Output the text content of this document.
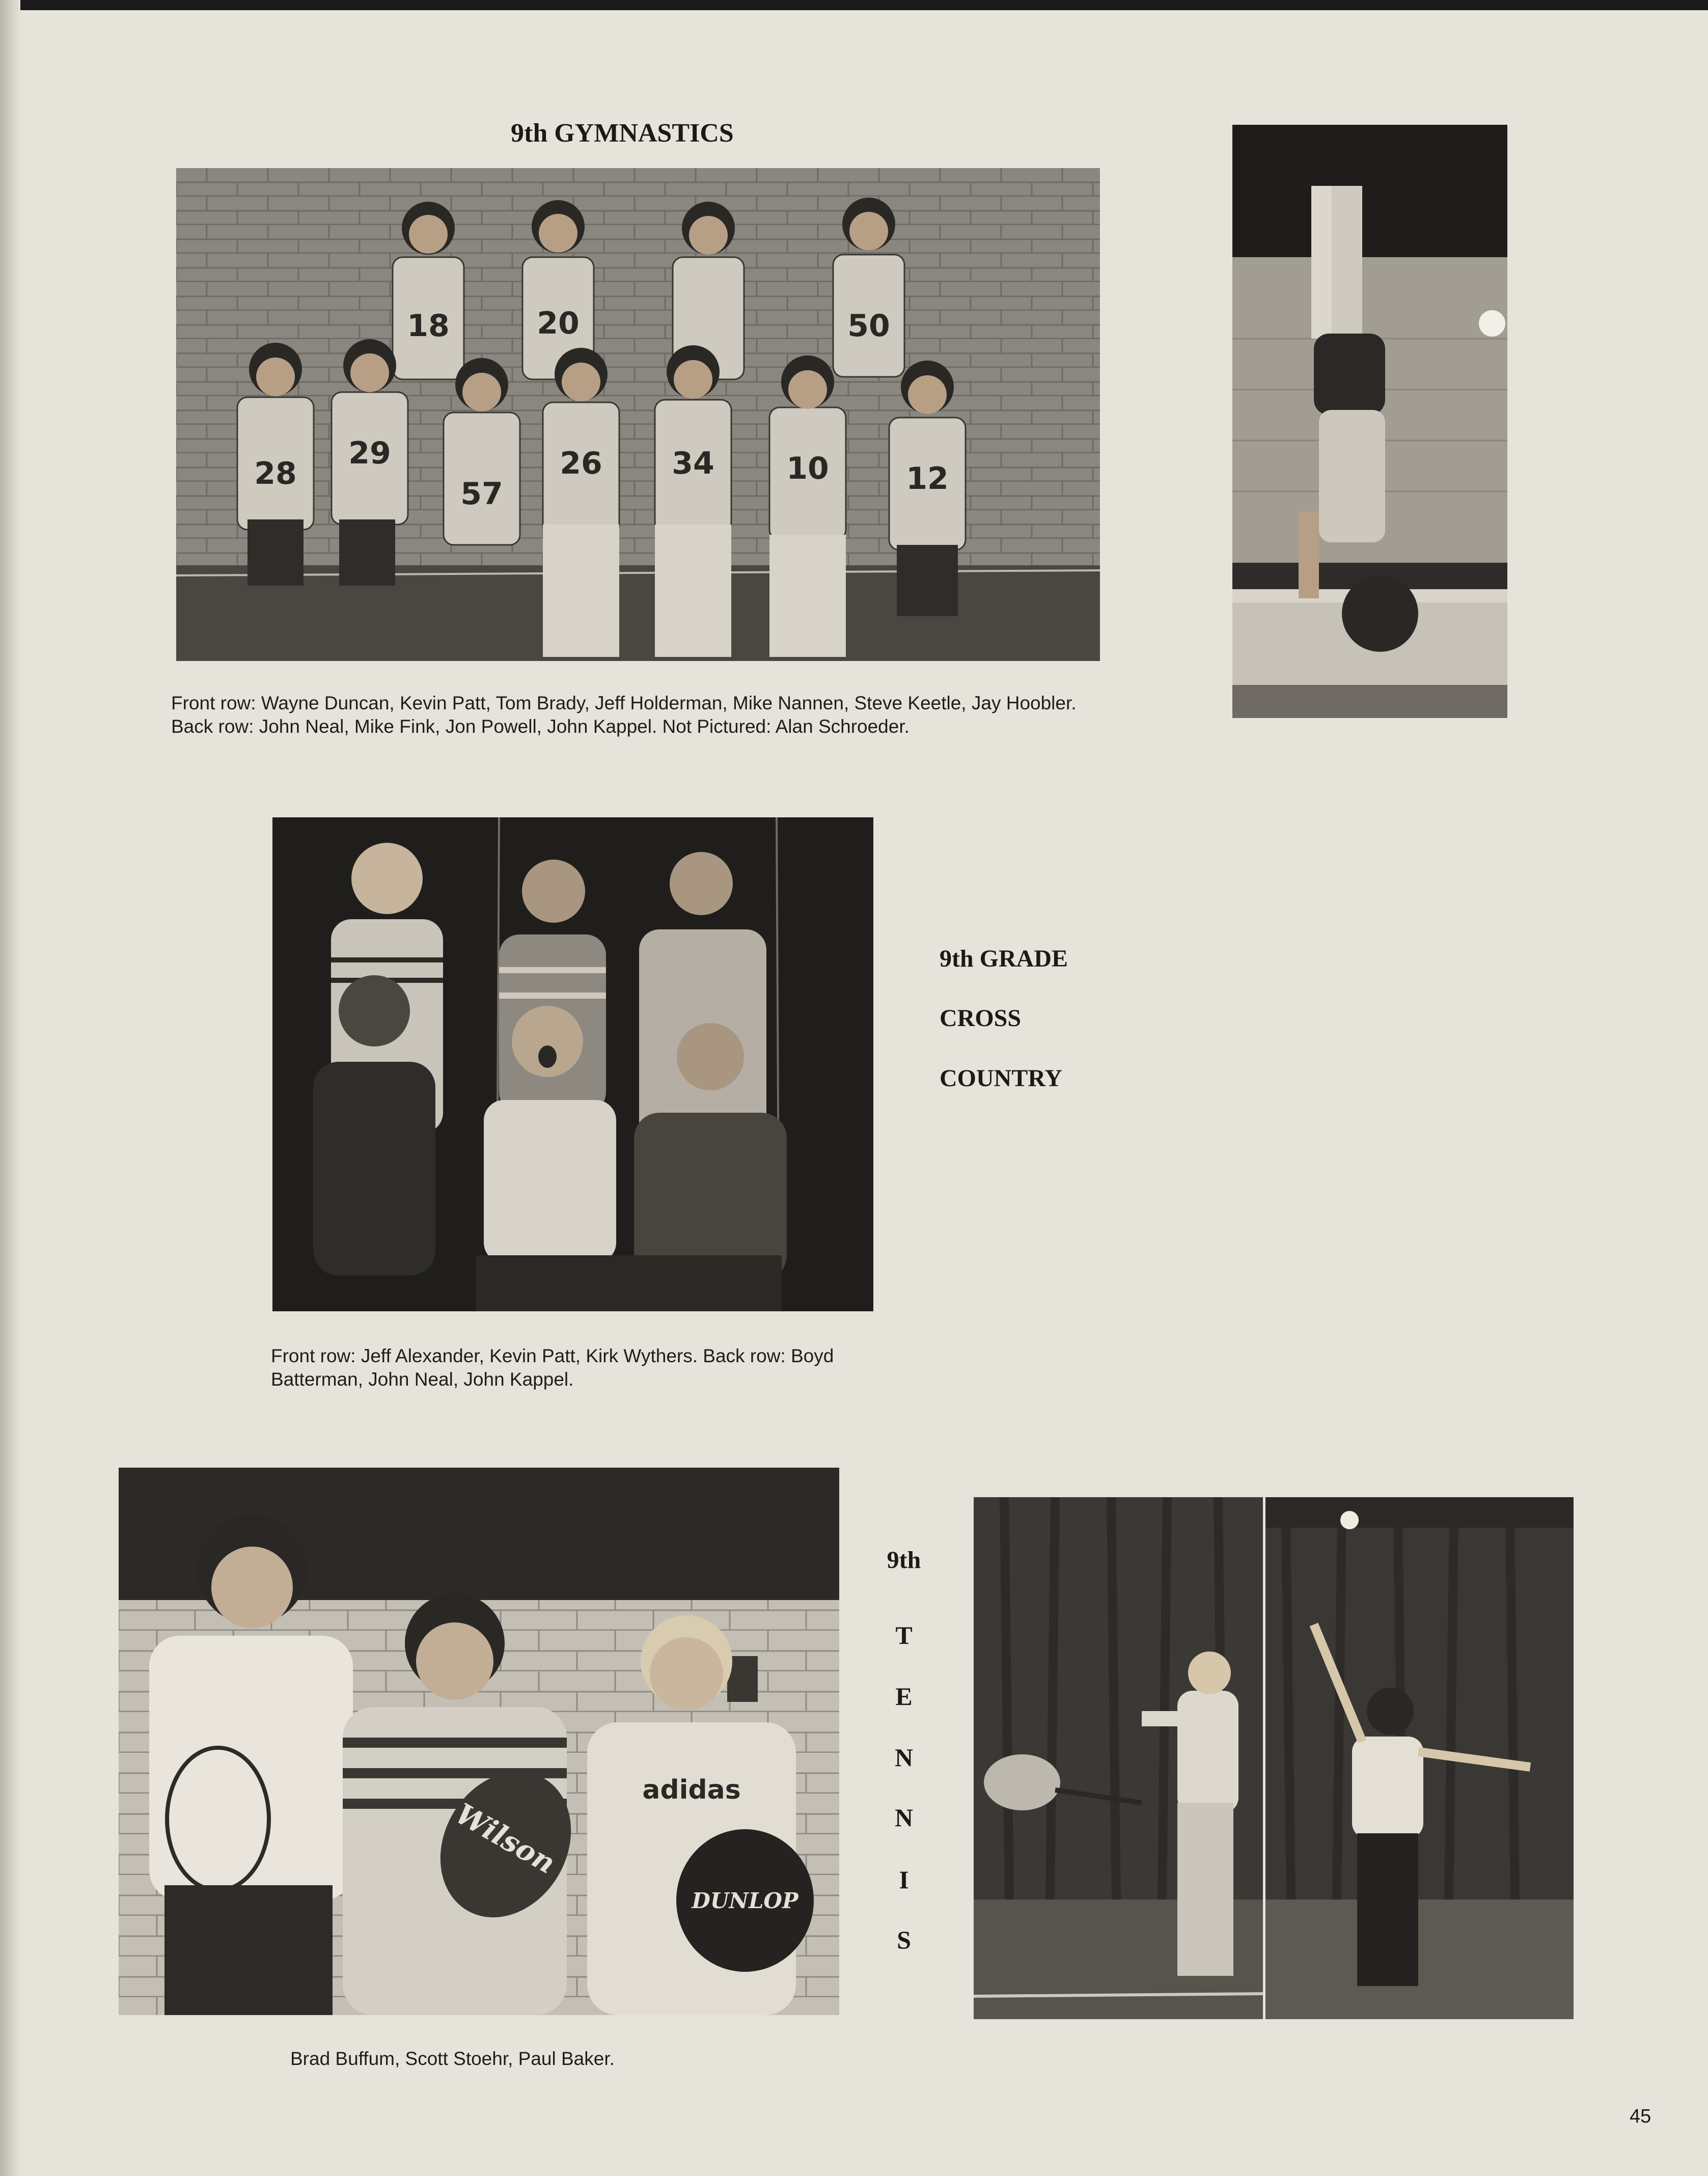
9th GYMNASTICS
18	20	50
28
29
57
26 34 10	12
Front row: Wayne Duncan, Kevin Patt, Tom Brady, Jeff Holderman, Mike Nannen, Steve Keetle, Jay Hoobler. Back row: John Neal, Mike Fink, Jon Powell, John Kappel. Not Pictured: Alan Schroeder.
9th GRADE
CROSS
COUNTRY
Front row: Jeff Alexander, Kevin Patt, Kirk Wythers. Back row: Boyd Batterman, John Neal, John Kappel.
Wilson
adidas
DUNLOP
9th
T
E
N
N
I
S
Brad Buffum, Scott Stoehr, Paul Baker.
45
